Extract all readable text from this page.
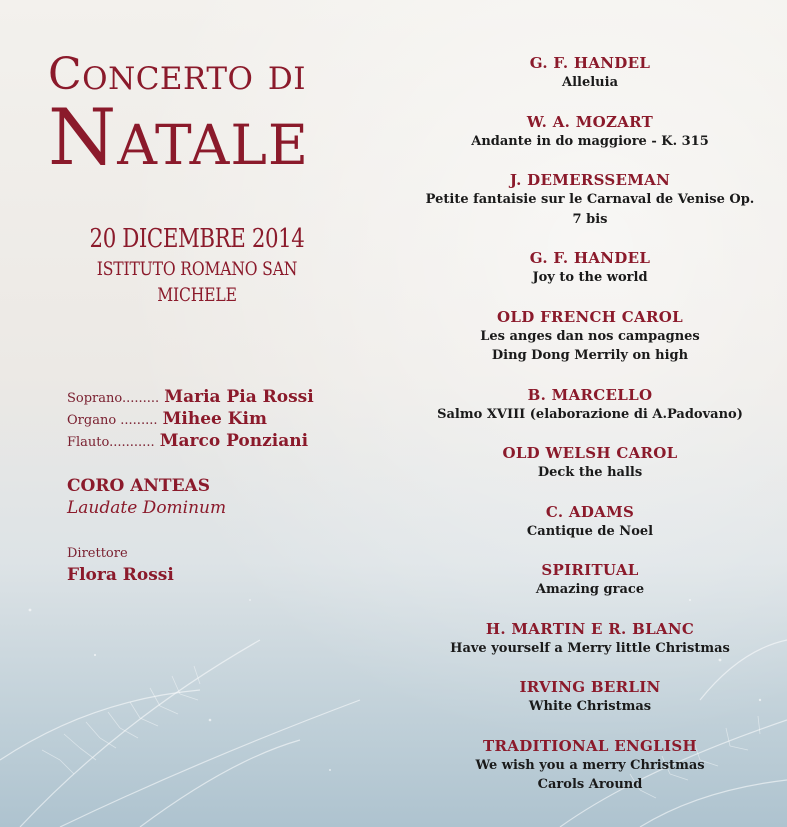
Concerto di
Natale
20 DICEMBRE 2014
ISTITUTO ROMANO SAN MICHELE
Soprano......... Maria Pia Rossi
Organo ......... Mihee Kim
Flauto........... Marco Ponziani
CORO ANTEAS
Laudate Dominum
Direttore
Flora Rossi
G. F. HANDEL
Alleluia
W. A. MOZART
Andante in do maggiore - K. 315
J. DEMERSSEMAN
Petite fantaisie sur le Carnaval de Venise Op. 7 bis
G. F. HANDEL
Joy to the world
OLD FRENCH CAROL
Les anges dan nos campagnes
Ding Dong Merrily on high
B. MARCELLO
Salmo XVIII (elaborazione di A.Padovano)
OLD WELSH CAROL
Deck the halls
C. ADAMS
Cantique de Noel
SPIRITUAL
Amazing grace
H. MARTIN E R. BLANC
Have yourself a Merry little Christmas
IRVING BERLIN
White Christmas
TRADITIONAL ENGLISH
We wish you a merry Christmas
Carols Around
